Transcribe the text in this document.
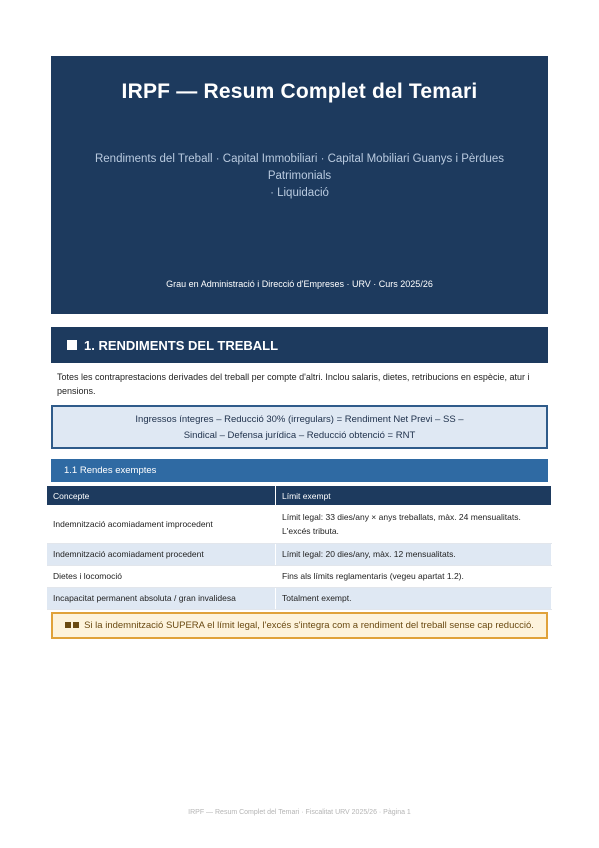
IRPF — Resum Complet del Temari
Rendiments del Treball · Capital Immobiliari · Capital Mobiliari Guanys i Pèrdues Patrimonials
· Liquidació
Grau en Administració i Direcció d'Empreses · URV · Curs 2025/26
1. RENDIMENTS DEL TREBALL
Totes les contraprestacions derivades del treball per compte d'altri. Inclou salaris, dietes, retribucions en espècie, atur i pensions.
Ingressos íntegres – Reducció 30% (irregulars) = Rendiment Net Previ – SS –
Sindical – Defensa jurídica – Reducció obtenció = RNT
1.1 Rendes exemptes
Concepte	Límit exempt
Indemnització acomiadament improcedent	Límit legal: 33 dies/any × anys treballats, màx. 24 mensualitats.
L'excés tributa.

Indemnització acomiadament procedent	Límit legal: 20 dies/any, màx. 12 mensualitats.
Dietes i locomoció	Fins als límits reglamentaris (vegeu apartat 1.2).
Incapacitat permanent absoluta / gran invalidesa	Totalment exempt.
Si la indemnització SUPERA el límit legal, l'excés s'integra com a rendiment del treball sense cap reducció.
IRPF — Resum Complet del Temari · Fiscalitat URV 2025/26 · Pàgina 1
